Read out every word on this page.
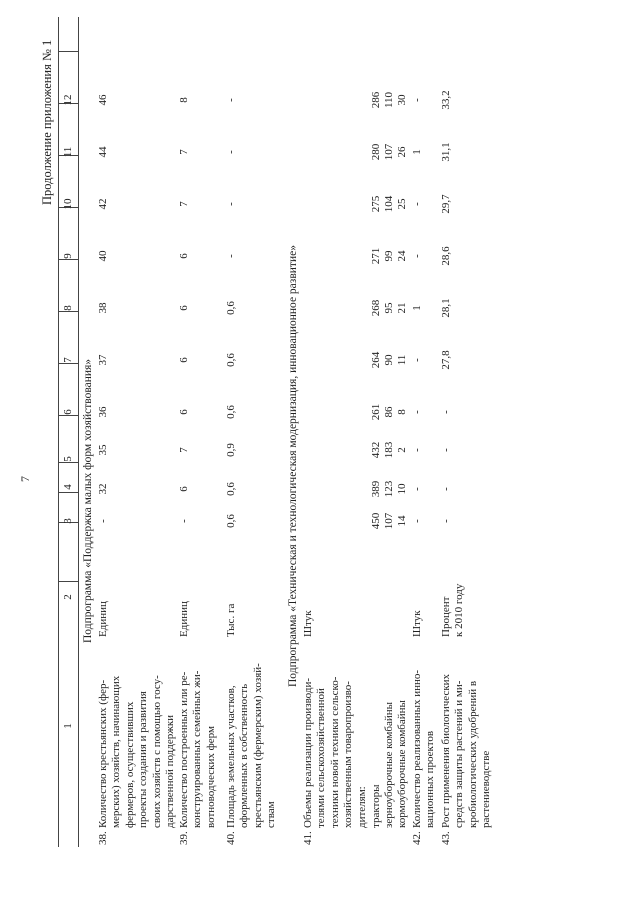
7
Продолжение приложения № 1
1
2
3
4
5
6
7
8
9
10
11
12
Подпрограмма «Поддержка малых форм хозяйствования»
38.
Количество крестьянских (фер- мерских) хозяйств, начинающих фермеров, осуществивших проекты создания и развития своих хозяйств с помощью госу- дарственной поддержки
Единиц
-
32
35
36
37
38
40
42
44
46
39.
Количество построенных или ре- конструированных семейных жи- вотноводческих ферм
Единиц
-
6
7
6
6
6
6
7
7
8
40.
Площадь земельных участков, оформленных в собственность крестьянским (фермерским) хозяй- ствам
Тыс. га
0,6
0,6
0,9
0,6
0,6
0,6
-
-
-
-
Подпрограмма «Техническая и технологическая модернизация, инновационное развитие»
41.
Объемы реализации производи- телями сельскохозяйственной техники новой техники сельско- хозяйственным товаропроизво- дителям:
Штук
тракторы
450
389
432
261
264
268
271
275
280
286
зерноуборочные комбайны
107
123
183
86
90
95
99
104
107
110
кормоуборочные комбайны
14
10
2
8
11
21
24
25
26
30
42.
Количество реализованных инно- вационных проектов
Штук
-
-
-
-
-
1
-
-
1
-
43.
Рост применения биологических средств защиты растений и ми- кробиологических удобрений в растениеводстве
Процент к 2010 году
-
-
-
-
27,8
28,1
28,6
29,7
31,1
33,2
